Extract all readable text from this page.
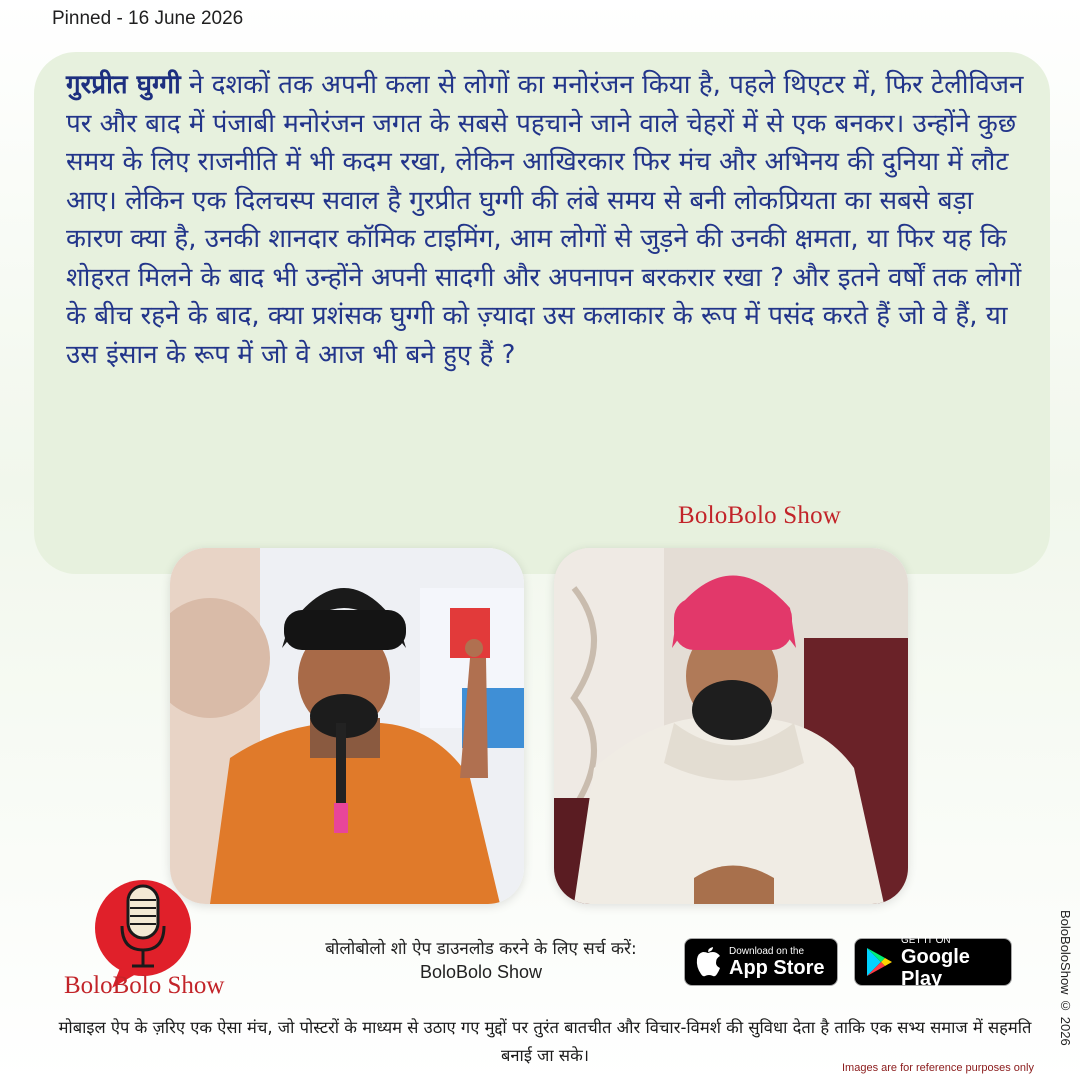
Pinned - 16 June 2026
गुरप्रीत घुग्गी ने दशकों तक अपनी कला से लोगों का मनोरंजन किया है, पहले थिएटर में, फिर टेलीविजन पर और बाद में पंजाबी मनोरंजन जगत के सबसे पहचाने जाने वाले चेहरों में से एक बनकर। उन्होंने कुछ समय के लिए राजनीति में भी कदम रखा, लेकिन आखिरकार फिर मंच और अभिनय की दुनिया में लौट आए। लेकिन एक दिलचस्प सवाल है गुरप्रीत घुग्गी की लंबे समय से बनी लोकप्रियता का सबसे बड़ा कारण क्या है, उनकी शानदार कॉमिक टाइमिंग, आम लोगों से जुड़ने की उनकी क्षमता, या फिर यह कि शोहरत मिलने के बाद भी उन्होंने अपनी सादगी और अपनापन बरकरार रखा ? और इतने वर्षों तक लोगों के बीच रहने के बाद, क्या प्रशंसक घुग्गी को ज़्यादा उस कलाकार के रूप में पसंद करते हैं जो वे हैं, या उस इंसान के रूप में जो वे आज भी बने हुए हैं ?
BoloBolo Show
BoloBolo Show
बोलोबोलो शो ऐप डाउनलोड करने के लिए सर्च करें:
BoloBolo Show
Download on the
App Store
GET IT ON
Google Play
मोबाइल ऐप के ज़रिए एक ऐसा मंच, जो पोस्टरों के माध्यम से उठाए गए मुद्दों पर तुरंत बातचीत और विचार-विमर्श की सुविधा देता है ताकि एक सभ्य समाज में सहमति बनाई जा सके।
Images are for reference purposes only
BoloBoloShow © 2026
